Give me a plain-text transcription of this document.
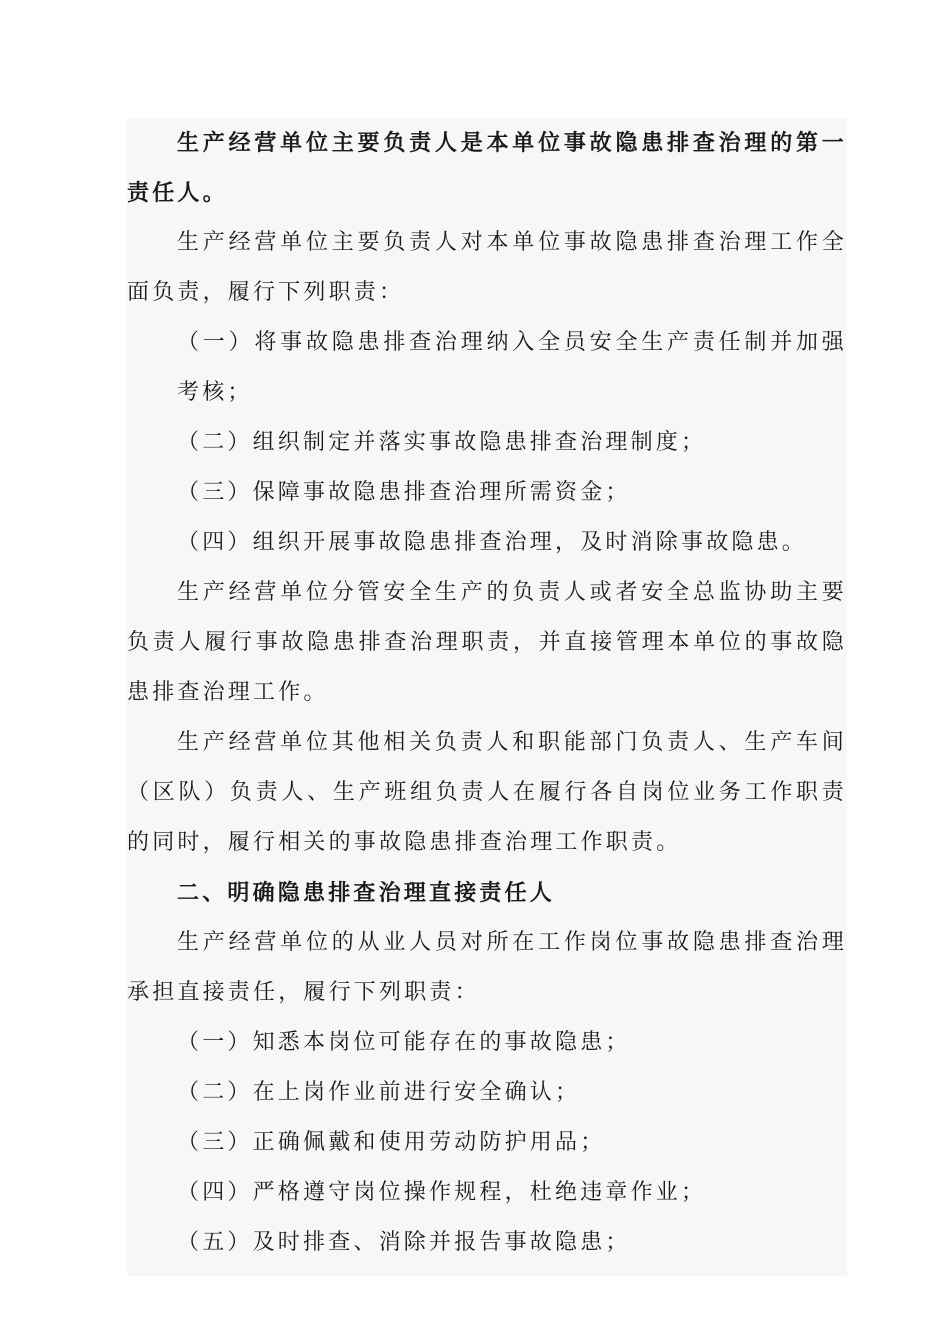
生产经营单位主要负责人是本单位事故隐患排查治理的第一责任人。

生产经营单位主要负责人对本单位事故隐患排查治理工作全面负责，履行下列职责：

（一）将事故隐患排查治理纳入全员安全生产责任制并加强考核；

（二）组织制定并落实事故隐患排查治理制度；

（三）保障事故隐患排查治理所需资金；

（四）组织开展事故隐患排查治理，及时消除事故隐患。

生产经营单位分管安全生产的负责人或者安全总监协助主要负责人履行事故隐患排查治理职责，并直接管理本单位的事故隐患排查治理工作。

生产经营单位其他相关负责人和职能部门负责人、生产车间（区队）负责人、生产班组负责人在履行各自岗位业务工作职责的同时，履行相关的事故隐患排查治理工作职责。

二、明确隐患排查治理直接责任人

生产经营单位的从业人员对所在工作岗位事故隐患排查治理承担直接责任，履行下列职责：

（一）知悉本岗位可能存在的事故隐患；

（二）在上岗作业前进行安全确认；

（三）正确佩戴和使用劳动防护用品；

（四）严格遵守岗位操作规程，杜绝违章作业；

（五）及时排查、消除并报告事故隐患；
